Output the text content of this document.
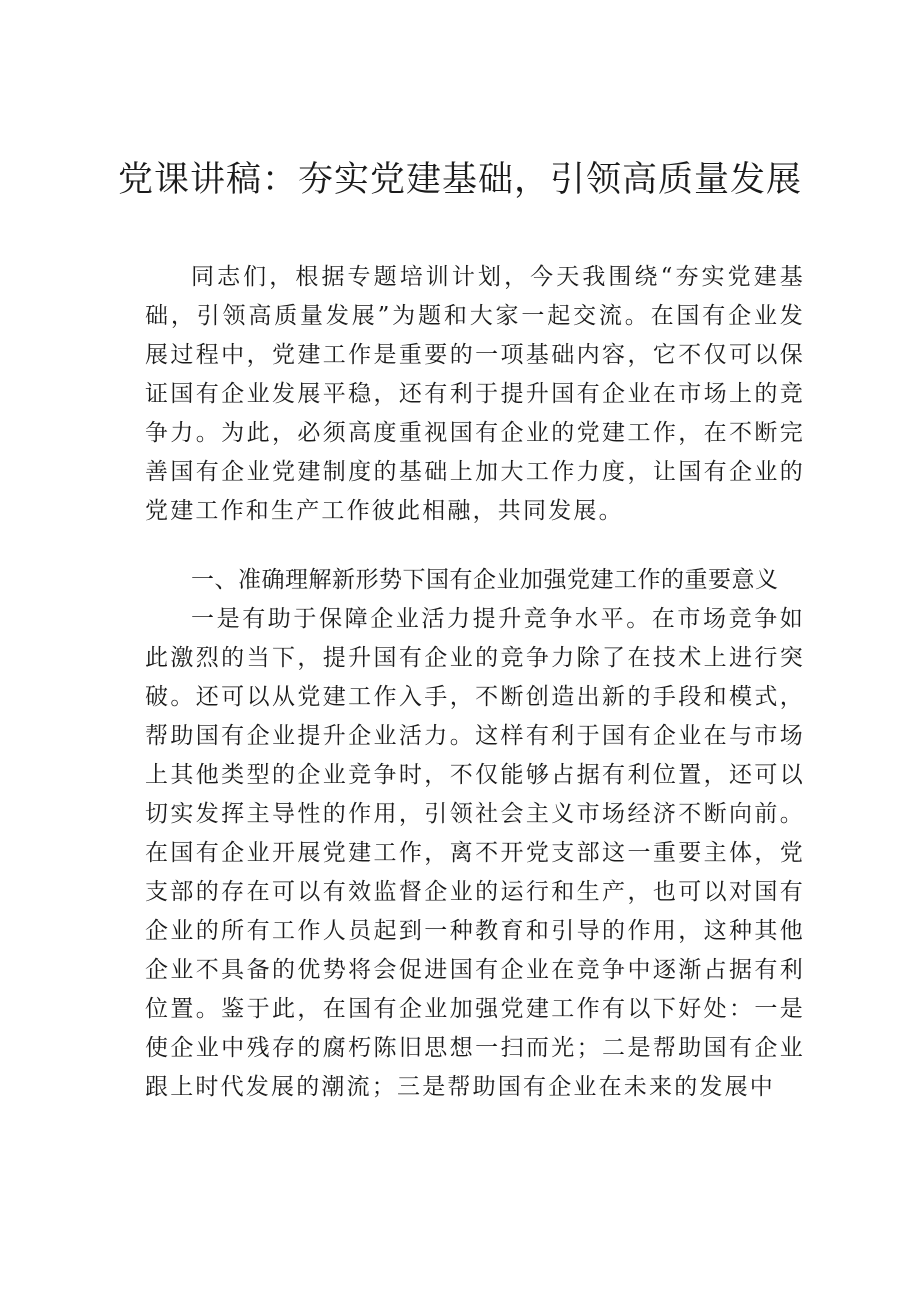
党课讲稿：夯实党建基础，引领高质量发展

同志们，根据专题培训计划，今天我围绕“夯实党建基础，引领高质量发展”为题和大家一起交流。在国有企业发展过程中，党建工作是重要的一项基础内容，它不仅可以保证国有企业发展平稳，还有利于提升国有企业在市场上的竞争力。为此，必须高度重视国有企业的党建工作，在不断完善国有企业党建制度的基础上加大工作力度，让国有企业的党建工作和生产工作彼此相融，共同发展。

一、准确理解新形势下国有企业加强党建工作的重要意义

一是有助于保障企业活力提升竞争水平。在市场竞争如此激烈的当下，提升国有企业的竞争力除了在技术上进行突破。还可以从党建工作入手，不断创造出新的手段和模式，帮助国有企业提升企业活力。这样有利于国有企业在与市场上其他类型的企业竞争时，不仅能够占据有利位置，还可以切实发挥主导性的作用，引领社会主义市场经济不断向前。在国有企业开展党建工作，离不开党支部这一重要主体，党支部的存在可以有效监督企业的运行和生产，也可以对国有企业的所有工作人员起到一种教育和引导的作用，这种其他企业不具备的优势将会促进国有企业在竞争中逐渐占据有利位置。鉴于此，在国有企业加强党建工作有以下好处：一是使企业中残存的腐朽陈旧思想一扫而光；二是帮助国有企业跟上时代发展的潮流；三是帮助国有企业在未来的发展中
